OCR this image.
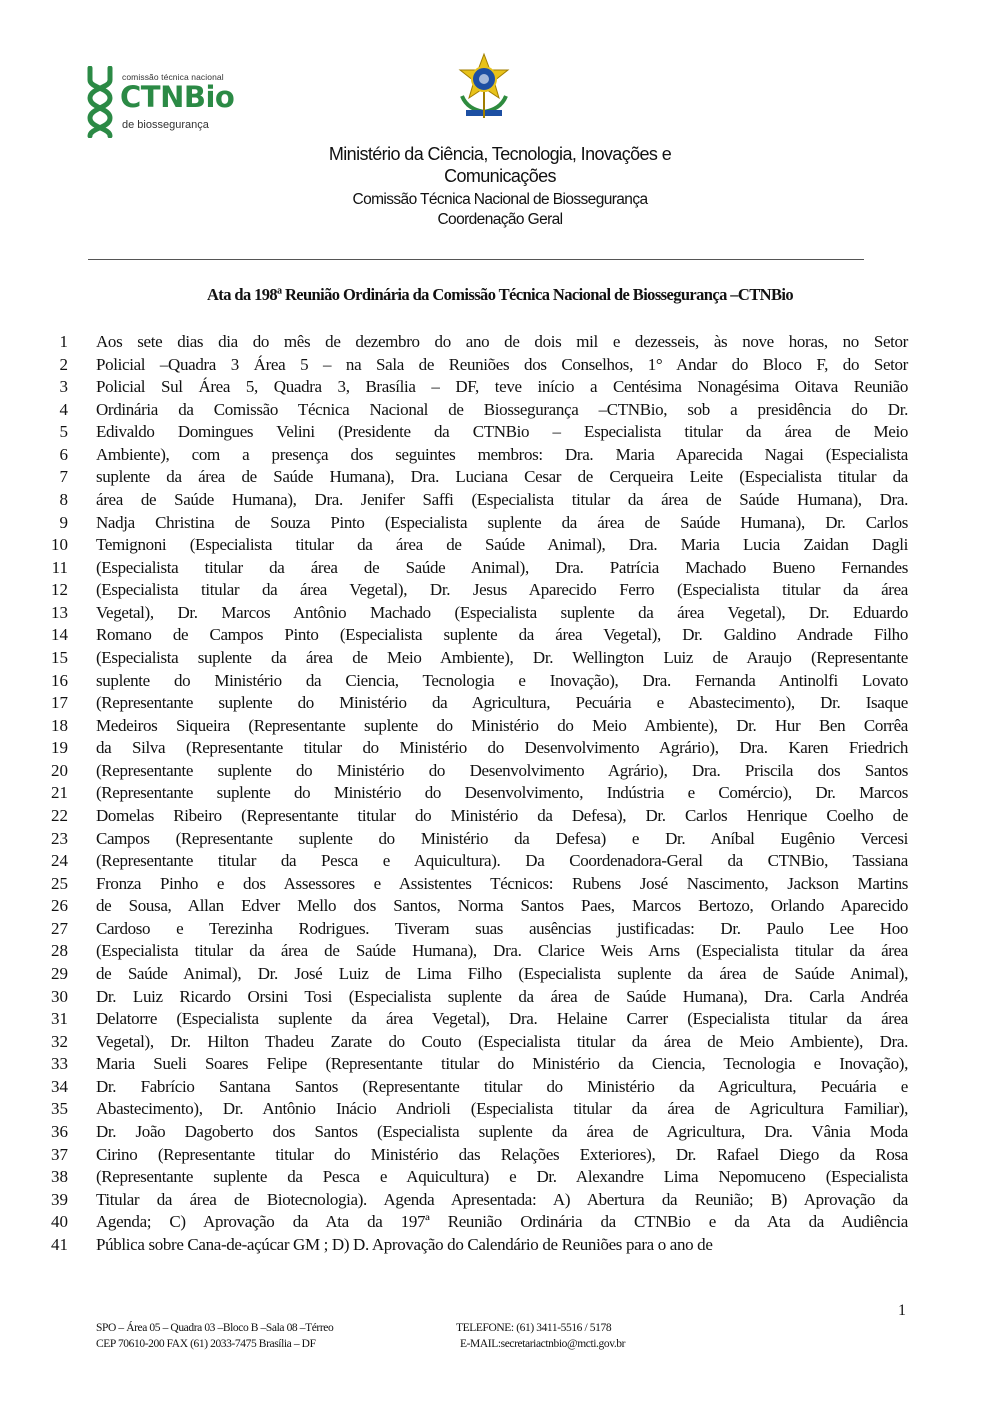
comissão técnica nacional
CTNBio
de biossegurança
Ministério da Ciência, Tecnologia, Inovações e
Comunicações
Comissão Técnica Nacional de Biossegurança
Coordenação Geral
Ata da 198ª Reunião Ordinária da Comissão Técnica Nacional de Biossegurança –CTNBio
1 Aos sete dias dia do mês de dezembro do ano de dois mil e dezesseis, às nove horas, no Setor
2 Policial –Quadra 3 Área 5 – na Sala de Reuniões dos Conselhos, 1° Andar do Bloco F, do Setor
3 Policial Sul Área 5, Quadra 3, Brasília – DF, teve início a Centésima Nonagésima Oitava Reunião
4 Ordinária da Comissão Técnica Nacional de Biossegurança –CTNBio, sob a presidência do Dr.
5 Edivaldo Domingues Velini (Presidente da CTNBio – Especialista titular da área de Meio
6 Ambiente), com a presença dos seguintes membros: Dra. Maria Aparecida Nagai (Especialista
7 suplente da área de Saúde Humana), Dra. Luciana Cesar de Cerqueira Leite (Especialista titular da
8 área de Saúde Humana), Dra. Jenifer Saffi (Especialista titular da área de Saúde Humana), Dra.
9 Nadja Christina de Souza Pinto (Especialista suplente da área de Saúde Humana), Dr. Carlos
10 Temignoni (Especialista titular da área de Saúde Animal), Dra. Maria Lucia Zaidan Dagli
11 (Especialista titular da área de Saúde Animal), Dra. Patrícia Machado Bueno Fernandes
12 (Especialista titular da área Vegetal), Dr. Jesus Aparecido Ferro (Especialista titular da área
13 Vegetal), Dr. Marcos Antônio Machado (Especialista suplente da área Vegetal), Dr. Eduardo
14 Romano de Campos Pinto (Especialista suplente da área Vegetal), Dr. Galdino Andrade Filho
15 (Especialista suplente da área de Meio Ambiente), Dr. Wellington Luiz de Araujo (Representante
16 suplente do Ministério da Ciencia, Tecnologia e Inovação), Dra. Fernanda Antinolfi Lovato
17 (Representante suplente do Ministério da Agricultura, Pecuária e Abastecimento), Dr. Isaque
18 Medeiros Siqueira (Representante suplente do Ministério do Meio Ambiente), Dr. Hur Ben Corrêa
19 da Silva (Representante titular do Ministério do Desenvolvimento Agrário), Dra. Karen Friedrich
20 (Representante suplente do Ministério do Desenvolvimento Agrário), Dra. Priscila dos Santos
21 (Representante suplente do Ministério do Desenvolvimento, Indústria e Comércio), Dr. Marcos
22 Domelas Ribeiro (Representante titular do Ministério da Defesa), Dr. Carlos Henrique Coelho de
23 Campos (Representante suplente do Ministério da Defesa) e Dr. Aníbal Eugênio Vercesi
24 (Representante titular da Pesca e Aquicultura). Da Coordenadora-Geral da CTNBio, Tassiana
25 Fronza Pinho e dos Assessores e Assistentes Técnicos: Rubens José Nascimento, Jackson Martins
26 de Sousa, Allan Edver Mello dos Santos, Norma Santos Paes, Marcos Bertozo, Orlando Aparecido
27 Cardoso e Terezinha Rodrigues. Tiveram suas ausências justificadas: Dr. Paulo Lee Hoo
28 (Especialista titular da área de Saúde Humana), Dra. Clarice Weis Arns (Especialista titular da área
29 de Saúde Animal), Dr. José Luiz de Lima Filho (Especialista suplente da área de Saúde Animal),
30 Dr. Luiz Ricardo Orsini Tosi (Especialista suplente da área de Saúde Humana), Dra. Carla Andréa
31 Delatorre (Especialista suplente da área Vegetal), Dra. Helaine Carrer (Especialista titular da área
32 Vegetal), Dr. Hilton Thadeu Zarate do Couto (Especialista titular da área de Meio Ambiente), Dra.
33 Maria Sueli Soares Felipe (Representante titular do Ministério da Ciencia, Tecnologia e Inovação),
34 Dr. Fabrício Santana Santos (Representante titular do Ministério da Agricultura, Pecuária e
35 Abastecimento), Dr. Antônio Inácio Andrioli (Especialista titular da área de Agricultura Familiar),
36 Dr. João Dagoberto dos Santos (Especialista suplente da área de Agricultura, Dra. Vânia Moda
37 Cirino (Representante titular do Ministério das Relações Exteriores), Dr. Rafael Diego da Rosa
38 (Representante suplente da Pesca e Aquicultura) e Dr. Alexandre Lima Nepomuceno (Especialista
39 Titular da área de Biotecnologia). Agenda Apresentada: A) Abertura da Reunião; B) Aprovação da
40 Agenda; C) Aprovação da Ata da 197ª Reunião Ordinária da CTNBio e da Ata da Audiência
41 Pública sobre Cana-de-açúcar GM ; D) D. Aprovação do Calendário de Reuniões para o ano de
1
SPO – Área 05 – Quadra 03 –Bloco B –Sala 08 –Térreo
CEP 70610-200 FAX (61) 2033-7475 Brasília – DF
TELEFONE: (61) 3411-5516 / 5178
E-MAIL:secretariactnbio@mcti.gov.br
